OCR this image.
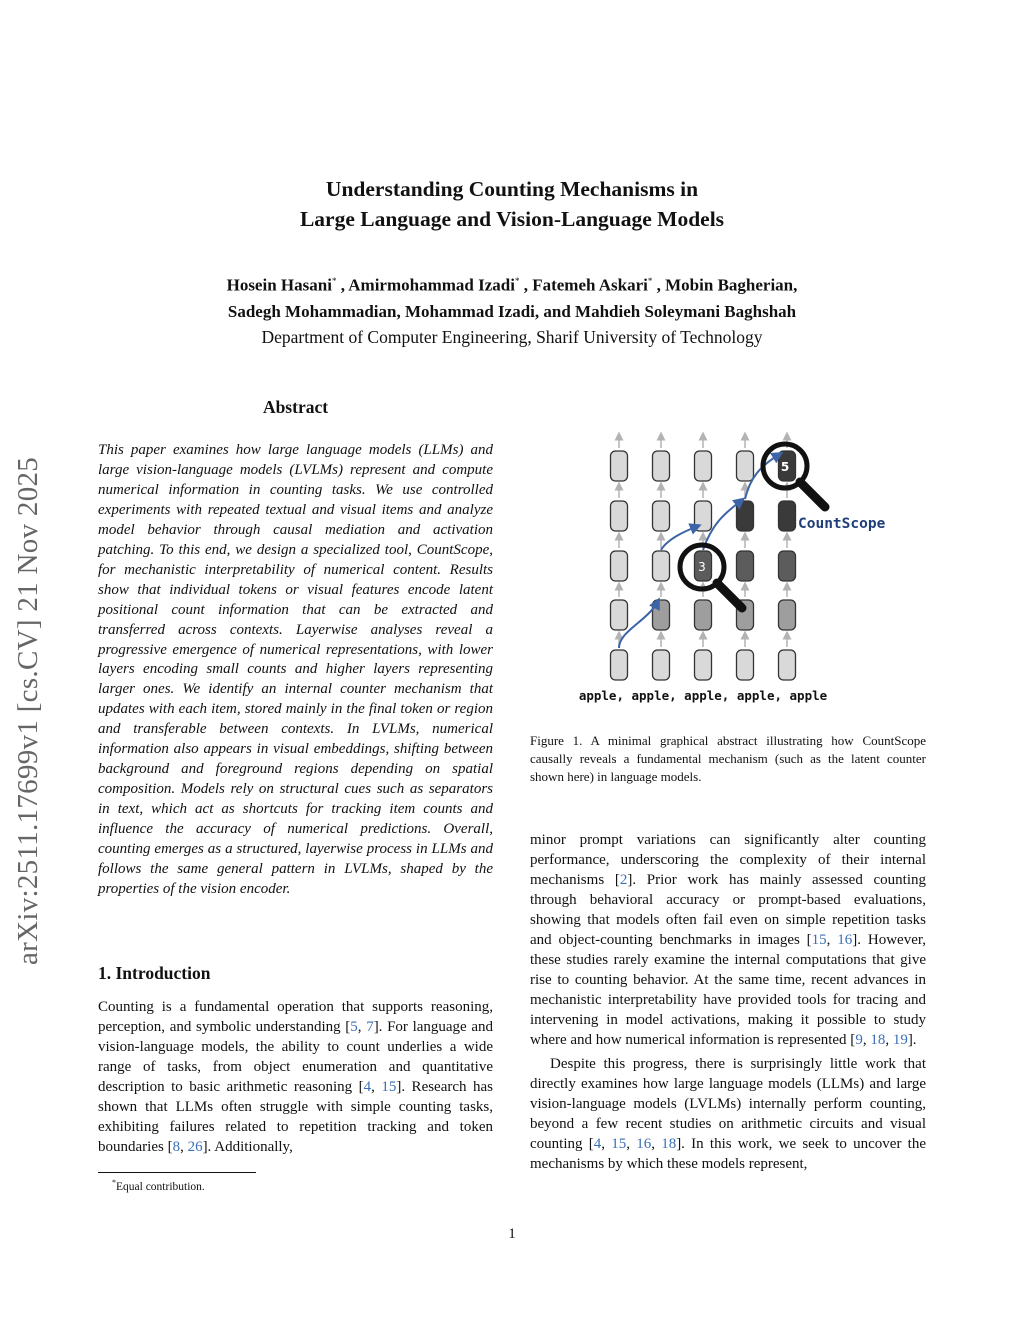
Understanding Counting Mechanisms in
Large Language and Vision-Language Models
Hosein Hasani* , Amirmohammad Izadi* , Fatemeh Askari* , Mobin Bagherian,
Sadegh Mohammadian, Mohammad Izadi, and Mahdieh Soleymani Baghshah
Department of Computer Engineering, Sharif University of Technology
arXiv:2511.17699v1 [cs.CV] 21 Nov 2025
Abstract
This paper examines how large language models (LLMs) and large vision-language models (LVLMs) represent and compute numerical information in counting tasks. We use controlled experiments with repeated textual and visual items and analyze model behavior through causal mediation and activation patching. To this end, we design a specialized tool, CountScope, for mechanistic interpretability of numerical content. Results show that individual tokens or visual features encode latent positional count information that can be extracted and transferred across contexts. Layerwise analyses reveal a progressive emergence of numerical representations, with lower layers encoding small counts and higher layers representing larger ones. We identify an internal counter mechanism that updates with each item, stored mainly in the final token or region and transferable between contexts. In LVLMs, numerical information also appears in visual embeddings, shifting between background and foreground regions depending on spatial composition. Models rely on structural cues such as separators in text, which act as shortcuts for tracking item counts and influence the accuracy of numerical predictions. Overall, counting emerges as a structured, layerwise process in LLMs and follows the same general pattern in LVLMs, shaped by the properties of the vision encoder.
1. Introduction
Counting is a fundamental operation that supports reasoning, perception, and symbolic understanding [5, 7]. For language and vision-language models, the ability to count underlies a wide range of tasks, from object enumeration and quantitative description to basic arithmetic reasoning [4, 15]. Research has shown that LLMs often struggle with simple counting tasks, exhibiting failures related to repetition tracking and token boundaries [8, 26]. Additionally,
*Equal contribution.
3
5
CountScope
apple, apple, apple, apple, apple
Figure 1. A minimal graphical abstract illustrating how CountScope causally reveals a fundamental mechanism (such as the latent counter shown here) in language models.

minor prompt variations can significantly alter counting performance, underscoring the complexity of their internal mechanisms [2]. Prior work has mainly assessed counting through behavioral accuracy or prompt-based evaluations, showing that models often fail even on simple repetition tasks and object-counting benchmarks in images [15, 16]. However, these studies rarely examine the internal computations that give rise to counting behavior. At the same time, recent advances in mechanistic interpretability have provided tools for tracing and intervening in model activations, making it possible to study where and how numerical information is represented [9, 18, 19].

Despite this progress, there is surprisingly little work that directly examines how large language models (LLMs) and large vision-language models (LVLMs) internally perform counting, beyond a few recent studies on arithmetic circuits and visual counting [4, 15, 16, 18]. In this work, we seek to uncover the mechanisms by which these models represent,

1
